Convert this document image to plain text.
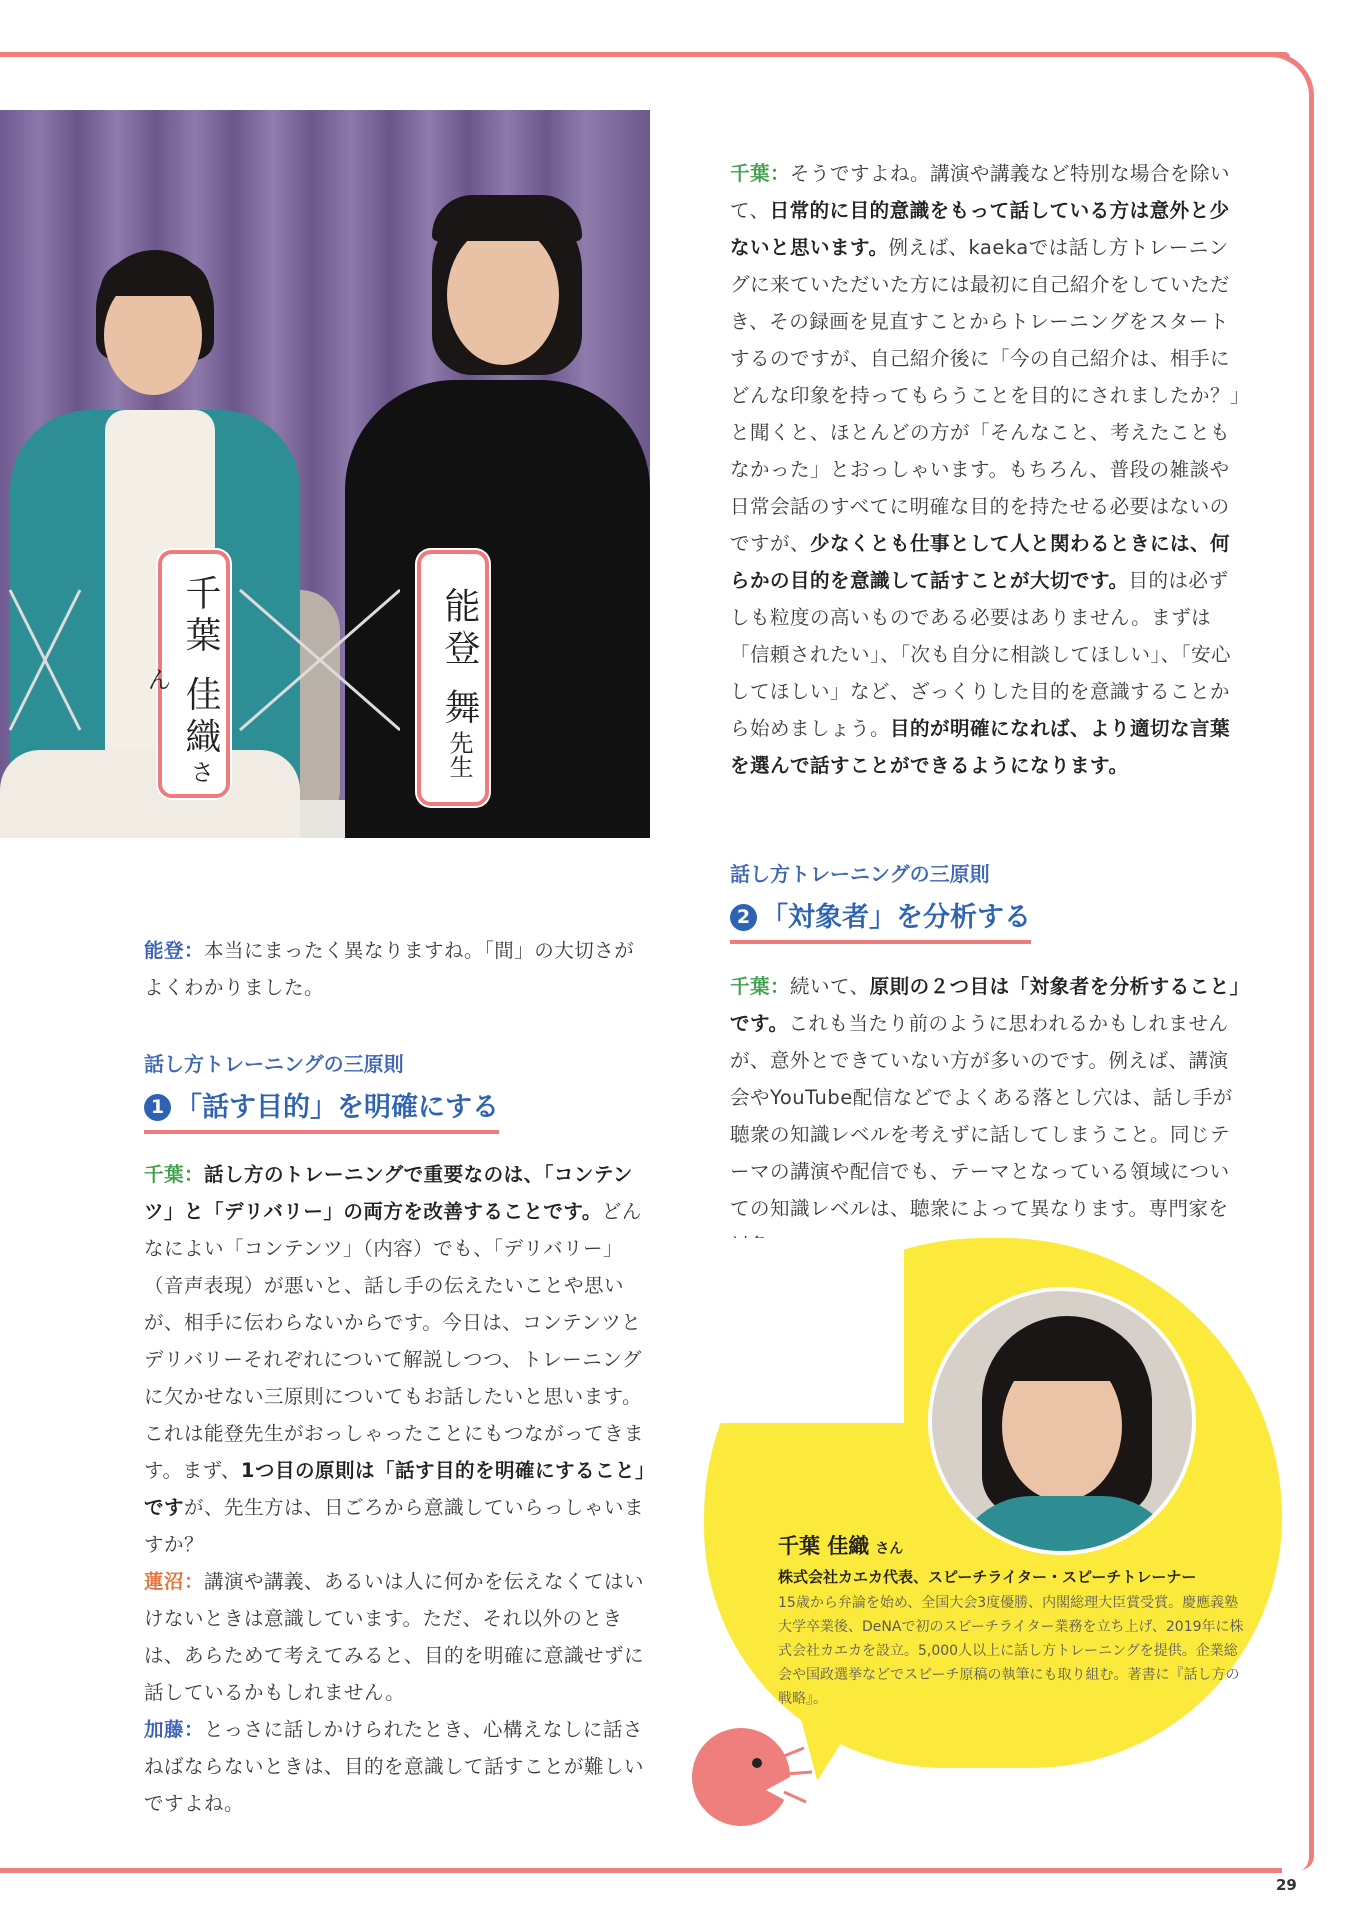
29
千葉 佳織さん	能登 舞先生

千葉：そうですよね。講演や講義など特別な場合を除いて、日常的に目的意識をもって話している方は意外と少ないと思います。例えば、kaekaでは話し方トレーニングに来ていただいた方には最初に自己紹介をしていただき、その録画を見直すことからトレーニングをスタートするのですが、自己紹介後に「今の自己紹介は、相手にどんな印象を持ってもらうことを目的にされましたか？」と聞くと、ほとんどの方が「そんなこと、考えたこともなかった」とおっしゃいます。もちろん、普段の雑談や日常会話のすべてに明確な目的を持たせる必要はないのですが、少なくとも仕事として人と関わるときには、何らかの目的を意識して話すことが大切です。目的は必ずしも粒度の高いものである必要はありません。まずは「信頼されたい」、「次も自分に相談してほしい」、「安心してほしい」など、ざっくりした目的を意識することから始めましょう。目的が明確になれば、より適切な言葉を選んで話すことができるようになります。

話し方トレーニングの三原則
2 「対象者」を分析する

千葉：続いて、原則の２つ目は「対象者を分析すること」です。これも当たり前のように思われるかもしれませんが、意外とできていない方が多いのです。例えば、講演会やYouTube配信などでよくある落とし穴は、話し手が聴衆の知識レベルを考えずに話してしまうこと。同じテーマの講演や配信でも、テーマとなっている領域についての知識レベルは、聴衆によって異なります。専門家を

能登：本当にまったく異なりますね。「間」の大切さがよくわかりました。

話し方トレーニングの三原則
1 「話す目的」を明確にする

千葉：話し方のトレーニングで重要なのは、「コンテンツ」と「デリバリー」の両方を改善することです。どんなによい「コンテンツ」（内容）でも、「デリバリー」（音声表現）が悪いと、話し手の伝えたいことや思いが、相手に伝わらないからです。今日は、コンテンツとデリバリーそれぞれについて解説しつつ、トレーニングに欠かせない三原則についてもお話したいと思います。これは能登先生がおっしゃったことにもつながってきます。まず、1つ目の原則は「話す目的を明確にすること」ですが、先生方は、日ごろから意識していらっしゃいますか？

蓮沼：講演や講義、あるいは人に何かを伝えなくてはいけないときは意識しています。ただ、それ以外のときは、あらためて考えてみると、目的を明確に意識せずに話しているかもしれません。

加藤：とっさに話しかけられたとき、心構えなしに話さねばならないときは、目的を意識して話すことが難しいですよね。

千葉 佳織 さん
株式会社カエカ代表、スピーチライター・スピーチトレーナー
15歳から弁論を始め、全国大会3度優勝、内閣総理大臣賞受賞。慶應義塾大学卒業後、DeNAで初のスピーチライター業務を立ち上げ、2019年に株式会社カエカを設立。5,000人以上に話し方トレーニングを提供。企業総会や国政選挙などでスピーチ原稿の執筆にも取り組む。著書に『話し方の戦略』。
